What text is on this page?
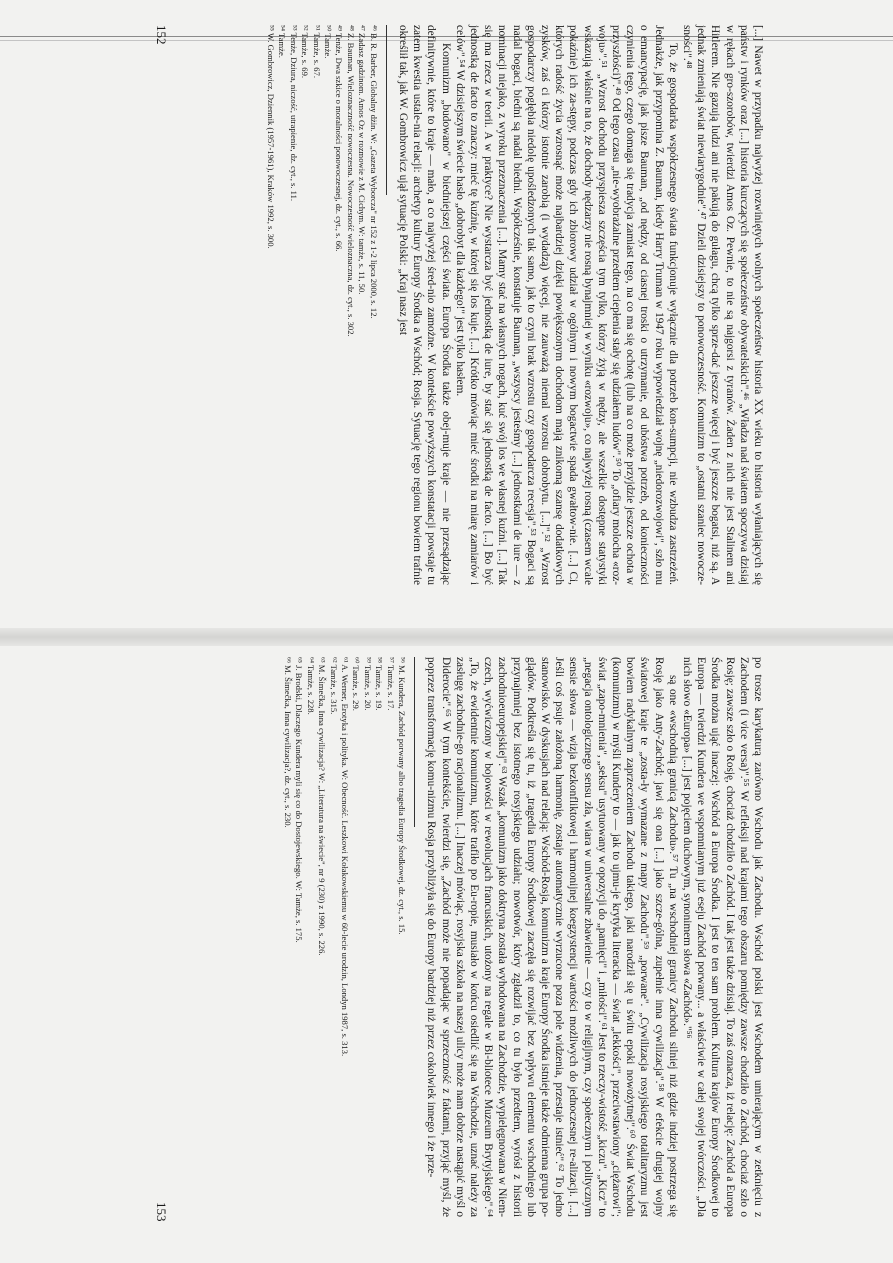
[...] Nawet w przypadku najwyżej rozwiniętych wolnych społeczeństw historia XX wieku to historia wyłaniających się państw i rynków oraz [...] historia kurczących się społeczeństw obywatelskich".⁴⁶ „Władza nad światem spoczywa dzisiaj w rękach gro-szorobów, twierdzi Amos Oz. Pewnie, to nie są najgorsi z tyranów. Żaden z nich nie jest Stalinem ani Hitlerem. Nie gazują ludzi ani nie pakują do gułagu, chcą tylko sprze-dać jeszcze więcej i być jeszcze bogatsi, niż są. A jednak zmieniają świat niewiarygodnie".⁴⁷ Dzieli dzisiejszy to ponowoczesność. Komunizm to „ostatni szaniec nowocze-sności".⁴⁸

To, że gospodarka współczesnego świata funkcjonuje wyłącznie dla potrzeb kon-sumpcji, nie wzbudza zastrzeżeń. Jednakże, jak przypomina Z. Bauman, kiedy Harry Truman w 1947 roku wypowiedział wojnę „niedorozwojowi", szło mu o emancypację, jak pisze Bauman, „od nędzy, od ciasnej troski o utrzymanie, od ubóstwa potrzeb, od konieczności czynienia tego, czego domaga się tradycja zamiast tego, na co ma się ochotę (lub na co może przyjdzie jeszcze ochota w przyszłości)".⁴⁹ Od tego czasu „nie-wyobrażalne przedtem ciepłenia stały się udziałem ludów".⁵⁰ To „ofiary molocha «roz-woju»".⁵¹ „Wzrost dochodu przyspiesza szczęścia tym tylko, którzy żyją w nędzy, ale wszelkie dostępne statystyki wskazują właśnie na to, że dochody nędzarzy nie rosną bynajmniej w wyniku «rozwoju», co najwyżej rosną (czasem wcale pokaźnie) ich za-stępy, podczas gdy ich zbiorowy udział w ogólnym i nowym bogactwie spada gwałtow-nie. [...] Ci, których radość życia wzrosnąć może najbardziej dzięki powiększonym dochodom mają znikomą szansę dodatkowych zysków, zaś ci którzy istotnie zarobią (i wydadzą) więcej, nie zauważą niemal wzrostu dobrobytu. [...]".⁵² „Wzrost gospodarczy pogłębia niedolę upośledzonych tak samo, jak to czyni brak wzrostu czy gospodarcza recesja".⁵³ Bogaci są nadal bogaci, biedni są nadal biedni. Współcześnie, konstatuje Bauman, „wszyscy jesteśmy [...] jednostkami de iure — z nominacji niejako, z wyroku przeznaczenia [...]. Mamy stać na własnych nogach, kuć swój los we własnej kuźni. [...] Tak się ma rzecz w teorii. A w praktyce? Nie wystarcza być jednostką de iure, by stać się jednostką de facto. [...] Bo być jednostką de facto to znaczy: mieć tę kuźnię, w której się los kuje. [...] Krótko mówiąc mieć środki na miarę zamiarów i celów".⁵⁴ W dzisiejszym świecie hasło „dobrobyt dla każdego!" jest tylko hasłem.

Komunizm „budowano" w biedniejszej części świata. Europa Środka także obej-muje kraje — nie przesądzając definitywnie, które to kraje — mało, a co najwyżej śred-nio zamożne. W kontekście powyższych konstatacji powstaje tu zatem kwestia ustale-nia relacji: archetyp kultury Europy Środka a Wschód; Rosja. Sytuację tego regionu bowiem trafnie określił tak, jak W. Gombrowicz ujął sytuację Polski: „Kraj nasz jest

⁴⁶ B. R. Barber, Globalny dżin. W: „Gazeta Wyborcza" nr 152 z 1-2 lipca 2000, s. 12.
⁴⁷ Zadasz gadzinom. Amos Oz w rozmowie z M. Cichym. W: tamże, s. 11, 50.
⁴⁸ Z. Bauman, Wieloznaczność nowoczesna. Nowoczesność wieloznaczna, dz. cyt., s. 302.
⁴⁹ Tenże, Dwa szkice o moralności ponowoczesnej, dz. cyt., s. 66.
⁵⁰ Tamże.
⁵¹ Tamże, s. 67.
⁵² Tamże, s. 69.
⁵³ Tenże, Dziura, niczość, utrapienie, dz. cyt., s. 11.
⁵⁴ Tamże.
⁵⁵ W. Gombrowicz, Dziennik (1957-1961), Kraków 1992, s. 300.
152

po trosze karykaturą zarówno Wschodu jak Zachodu. Wschód polski jest Wschodem umierającym w zetknięciu z Zachodem (i vice versa)".⁵⁵ W refleksji nad krajami tego obszaru pomiędzy zawsze chodziło o Zachód, chociaż szło o Rosję; zawsze szło o Rosję, chociaż chodziło o Zachód. I tak jest także dzisiaj. To zaś oznacza, iż relację: Zachód a Europa Środka można ująć inaczej: Wschód a Europa Środka. I jest to ten sam problem. Kultura krajów Europy Środkowej to Europa — twierdzi Kundera we wspomnianym już eseju Zachód porwany... a właściwie w całej swojej twórczości. „Dla nich słowo «Europa» [...] jest pojęciem duchowym, synonimem słowa «Zachód»."⁵⁶

są one «wschodnią granicą Zachodu».⁵⁷ Tu „na wschodniej granicy Zachodu silniej niż gdzie indziej postrzega się Rosję jako Anty-Zachód; jawi się ona [...] jako szcze-gólna, zupełnie inna cywilizacja".⁵⁸ W efekcie drugiej wojny światowej kraje te „zosta-ły wymazane z mapy Zachodu".⁵⁹ „porwane". „Cywilizacja rosyjskiego totalitaryzmu jest bowiem radykalnym zaprzeczeniem Zachodu takiego, jaki narodził się u świtu epoki nowożytnej".⁶⁰ Świat Wschodu (komunizmu) w myśli Kundery to — jak to ujmu-je krytyka literacka — świat „lekkości", przeciwstawiony „ciężarowi"; świat „zapo-mnienia", „seksu" usytuowany w opozycji do „pamięci" i „miłości".⁶¹ Jest to rzeczy-wistość „kiczu". „Kicz" to „negacja ontologicznego sensu zła, wiara w uniwersalne zbawienie — czy to w religijnym, czy społecznym i politycznym sensie słowa — wizja bezkonfliktowej i harmonijnej koegzystencji wartości możliwych do jednoczesnej re-alizacji. [...] Jeśli coś psuje założoną harmonię, zostaje automatycznie wyrzucone poza pole widzenia, przestaje istnieć".⁶² To jedno stanowisko. W dyskusjach nad relacją: Wschód-Rosja, komunizm a kraje Europy Środka istnieje także odmienna grupa po-glądów. Podkreśla się tu, iż „tragedia Europy Środkowej zaczęła się rozwijać bez wpływu elementu wschodniego lub przynajmniej bez istotnego rosyjskiego udziału; nowotwór, który zgładził to, co tu było przedtem, wyrósł z historii zachodnioeuropejskiej".⁶³ Wszak „komunizm jako doktryna została wyhodowana na Zachodzie, wypielęgnowana w Niem-czech, wyćwiczony w bojowości w rewolucjach francuskich, utożony na regale w Bi-bliotece Muzeum Brytyjskiego".⁶⁴ „To, że ewidentnie komunizmu, które trafiło po Eu-ropie, musiało w końcu osiedlić się na Wschodzie, uznać należy za zasługę zachodnie-go racjonalizmu. [...] Inaczej mówiąc, rosyjska szkoła na naszej ulicy może nam dobrze nastąpić myśl o Diderocie".⁶⁵ W tym kontekście, twierdzi się, „Zachód może nie popadając w sprzeczność z faktami, przyjąć myśl, że poprzez transformację komu-nizmu Rosja przybliżyła się do Europy bardziej niż przez cokolwiek innego i że prze-

⁵⁶ M. Kundera, Zachód porwany albo tragedia Europy Środkowej, dz. cyt., s. 15.
⁵⁷ Tamże, s. 17.
⁵⁸ Tamże, s. 19.
⁵⁹ Tamże, s. 20.
⁶⁰ Tamże, s. 29.
⁶¹ A. Werner, Erotyka i polityka. W: Obecność. Leszkowi Kołakowskiemu w 60-lecie urodzin, Londyn 1987, s. 313.
⁶² Tamże, s. 315.
⁶³ M. Šimečka, Inna cywilizacja? W: „Literatura na świecie", nr 9 (230) z 1990, s. 226.
⁶⁴ Tamże, s. 228.
⁶⁵ J. Brodski, Dlaczego Kundera myli się co do Dostojewskiego. W: Tamże, s. 175.
⁶⁶ M. Šimečka, Inna cywilizacja?, dz. cyt., s. 230.
153
